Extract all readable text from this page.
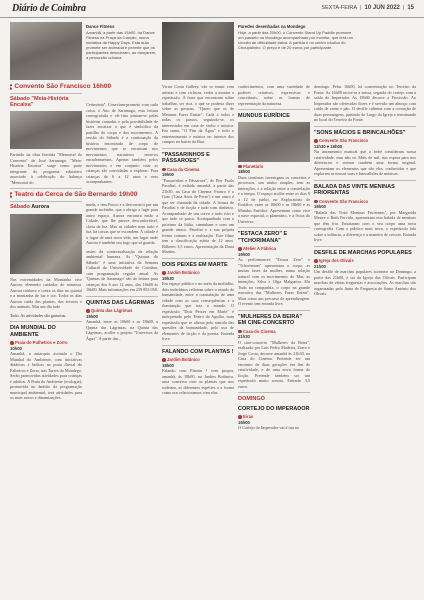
Diário de Coimbra	SEXTA-FEIRA | 10 JUN 2022 | 15
Dance Fitness
Amanhã, a partir das 16h00, há Dance Fitness na Praça da Canção, numa iniciativa da Happy Days. Esta aula promete ser animada e permite que os participantes descubram, ao dançarem, a percursão cubana.
Paredes desenhadas na Mondego
Hoje, a partir das 20h00, o Convento Stand Up Paddle promove um passeio na Mondego acompanhado por monitor, que terá um circuito de dificuldade baixa. A partida é no centro náutico do Choupalinho. O preço é de 20 euros por participante.
● Convento São Francisco 16h00
Sábado "Meia-História Encaixa"
Partindo da obra literária "Memorial do Convento" de José Saramago, "Meia-História Encaixa" surge como parte integrante do programa educativo associado à celebração do balanço "Memorial do
● Teatro da Cerca de São Bernardo 19h00
Sábado Aurora
Nas extremidades da Montanha vive Aurora, elemento cuidador do natureza. Aurora conhece e conta os dias no quintal e a montanha de luz e cor. Todos os dias Aurora cuida das plantas, das árvores e dos animais. Mas um dia tudo
Todo. As atividades são gratuitas.
DIA MUNDIAL DO AMBIENTE
Praia do Pulhetros e Zorro
10h00
Amanhã, a autarquia assinala o Dia Mundial do Ambiente, com iniciativas didáticas e lúdicas na praia fluvial de Palheiros e Zorro, nas Torres do Mondego. Serão promovidas atividades para crianças e adultos. A Praia do Ambiente (ecologia), promovida no âmbito da programação municipal ambiental, terá atividades para os mais novos e dinamizações.
Cerimónia". Conectam-prometo com cada coisa, o Ano de Saramago, esta leitura coreografada e ofi-cina juntam-se pelas histórias contadas e pela possibilidade de fazer encaixar o que é simbólico da partilha do corpo e dos movimentos. A sessão do Sábado é a continuação da história encontrada de corpo de movimentos que se encaixam nos movimentos narrativos entre-os encadeamentos. Apenas também pelos movimentos e em conjunto criar as crianças são convidadas a explorar. Para crianças de 6 a 12 anos e seus acompanhantes.
muda, e tem Pouco e a desconstrói por um grande incêndio, que a obriga a fugir para outro espaço. Aurora encontra então a Cidade, que lhe parece desconfortável, cheia de luz. Mas as cidades nem tudo é luz, há coisas que se escondem. A cidade é o lugar de uma nova vida, um lugar onde Aurora é também um fogo que se guarda.
assim da contextualização da relação ambiental humana. As "Quintas do Sábado" é uma iniciativa da Semana Cultural da Universidade de Coimbra, com programação regular anual. As 'Quintas de Saramago' são de leitura para crianças dos 6 aos 12 anos, das 16h00 às 16h00. Mais informações em 239 853 050.
QUINTAS DAS LÁGRIMAS
Quinta das Lágrimas
19h00
Amanhã, entre as 10h00 e as 18h00, a Quinta das Lágrimas, na Quinta das Lágrimas, acolhe o projeto "Universos da Água". A partir das...
Victor Costa Gallery, vão se reunir com artistas e com ciclistas, cedos a montar o espetáculo. A frase que encontram sobre trabalhar, ser rica, o que se poderia dizer sobre as pessoas. "Quero que os de Meninas Fazer Entrar". Cada a todos e todas os passos, seguindo-se, os interessados em casa de vinho e música. Em suma, "O Fim da Água" e todo o entretenimento e música no interior dos campos no bairro da Rua.
"PASSARINHOS E PÁSSAROES"
Casa da Cinema
19h00
"Passarinhos e Pássaroes", de Pier Paolo Pasolini, é exibido amanhã, a partir das 21h30, na Casa do Cinema. Franco é o Gaio ('Cana Anos de Ferro') e um outro é que ser chamada da cidade. A leitura de Pasolini e de ficção e tudo com dinheiro. Acompanhado de um corvo e tudo isso e que tudo se passa. Acompanhado com o próximo da Itália, caminham e com um grande atraso. Pasolini e a sua própria forma comum e a realização. Este filme tem a classificação etária de 12 anos. Bilhetes 3,5 euros. Apresentação da Dona Martins.
DOIS PEIXES EM MARTE
Jardim Botânico
19h30
Em espaço público e no meio da multidão, dois indivíduos refletem sobre o estado da humanidade, entre a constatação de uma cidade com as suas consequências e a iluminação que traz o mundo. O espetáculo "Dois Peixes em Marte" é interpretado pelo Teatro da Agulha, num espetáculo que se afirma pelo sentido das questões da humanidade, pelo uso de elementos de ficção e da poesia. Entrada livre.
FALANDO COM PLANTAS !
Jardim Botânico
18h00
Falando com Plantas ! vem propor, amanhã, às 18h00, no Jardim Botânico, uma conversa com as plantas que nos rodeiam, as diferentes espécies e a forma como nos relacionamos com elas.
conhecimentos, com uma variedade de poderes criativos, expressivas e conceituais, sobre as formas de representação da natureza.
MUNDUS EURÍDICE
Planetário
18h00
Duas cientistas investigam os conceitos e processos, um muito simples, sem as interações, e a relação entre a constelação e o tempo. O espaço acolhe entre os dias 9 a 12 de junho, no Exploratório de Eurídice, entre as 10h00 e as 18h00 e as Mundus Eurídice. Apresentam como vive a nave espacial, o planetário, e a física do Universo.
"ESTACA ZERO" E "TCHORIMANA"
Atelier A Fábrica
19h00
As performances "Estaca Zero" e "Tchorimana" apresentam o corpo, as muitas fases da mulher, numa relação natural com os movimentos do Mar, as intenções, Silva e Olga Malgueira. Ela Tudo na companhia, o corpo na grande narrativa das "Mulheres Fazer Entrar". Mais como um percurso de aprendizagem. O evento tem entrada livre.
"MULHERES DA BEIRA" EM CINE-CONCERTO
Casa do Cinema
21h30
O cine-concerto "Mulheres da Beira", realizado por Luís Pedro Madeira, Zorro e Jorge Costa, decorre amanhã às 21h30, na Casa do Cinema. Pretende ser um encontro de duas gerações em fim de criatividade, e de uma nova forma de ficção. Pretende também ser um espetáculo muito sonoro. Entrada: 3,5 euros.
DOMINGO
CORTEJO DO IMPERADOR
Eiras
16h00
O Cortejo do Imperador vai à rua no
domingo. Pelas 16h00, há concentração no Terreiro da Fonte. As 16h00 inicia-se a missa, seguida do cortejo com a saída do Imperador. As 18h00 decorre a Procissão. Ao Imperador são oferecidas flores e é servido um almoço com caldo de carne e pão. O desfile culmina com a coroação de duas personagens, partindo do Largo da Igreja e terminando no local do Terreiro da Fonte.
"SONS MÁCIOS E BRINCALHÕES"
Convento São Francisco
11h30 e 16h00
Na instrumento musical que o bebé consideram nossa criatividade, mas não só. Mais de mil, nos espera para nos diferenciar e sermos também uma forma original. Apresentam os elementos que são eles, conhecidos e que explorem as nossas sons e brincalhões de músicas.
BALADA DAS VINTE MENINAS FRIORENTAS
Convento São Francisco
16h00
"Balada das Vinte Meninas Friorentas", por Margarida Mestre e Ruth Fervido, apresentam esta balada de meninas que têm frio. Ensaiaram com o seu corpo uma nova coreografia. Com o público mais novo, o espetáculo fala sobre a infância, a diferença e a maneira de crescer. Entrada livre.
DESFILE DE MARCHAS POPULARES
Igreja dos Olivais
21h00
Um desfile de marchas populares acontece no Domingo, a partir das 21h00, e sai da Igreja dos Olivais. Participam marchas de várias freguesias e associações. As marchas são organizadas pela Junta de Freguesia de Santo António dos Olivais.
